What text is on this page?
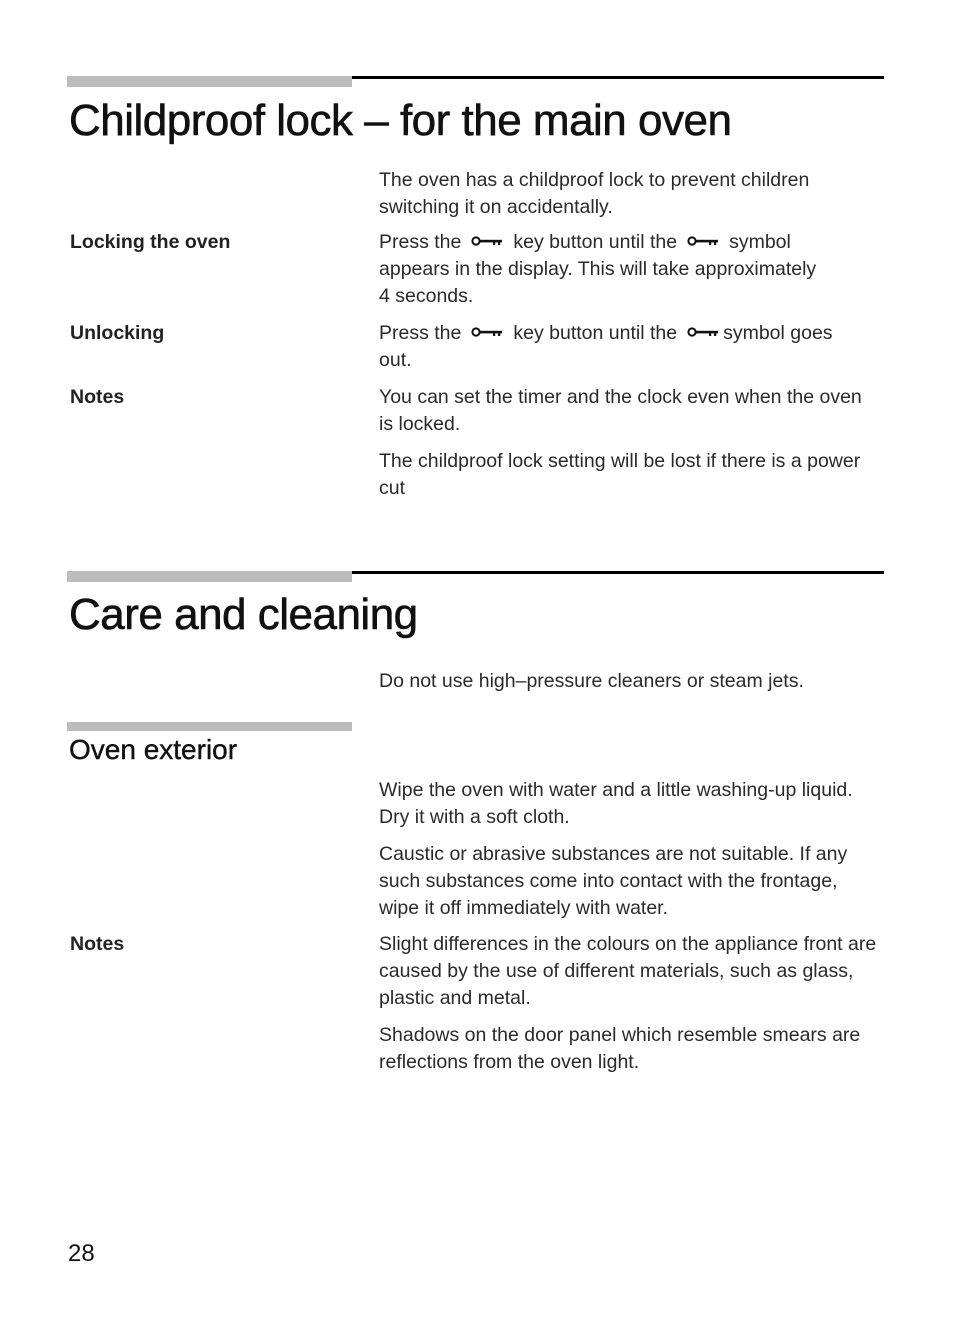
Childproof lock – for the main oven

The oven has a childproof lock to prevent children switching it on accidentally.

Locking the oven	Press the	key button until the	symbol
appears in the display. This will take approximately
4 seconds.

Unlocking	Press the	key button until the symbol goes
out.

Notes	You can set the timer and the clock even when the oven is locked.

The childproof lock setting will be lost if there is a power cut

Care and cleaning

Do not use high–pressure cleaners or steam jets.

Oven exterior

Wipe the oven with water and a little washing-up liquid. Dry it with a soft cloth.

Caustic or abrasive substances are not suitable. If any such substances come into contact with the frontage, wipe it off immediately with water.

Notes	Slight differences in the colours on the appliance front are caused by the use of different materials, such as glass, plastic and metal.

Shadows on the door panel which resemble smears are reflections from the oven light.

28
